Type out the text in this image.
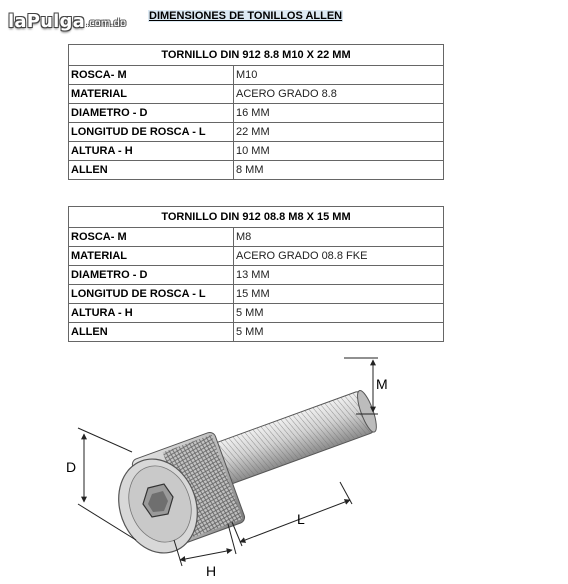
laPulga .com.do
DIMENSIONES DE TONILLOS ALLEN
TORNILLO DIN 912 8.8 M10 X 22 MM	
ROSCA- M	M10
MATERIAL	ACERO GRADO 8.8
DIAMETRO - D	16 MM
LONGITUD DE ROSCA - L	22 MM
ALTURA - H	10 MM
ALLEN	8 MM
TORNILLO DIN 912 08.8 M8 X 15 MM	
ROSCA- M	M8
MATERIAL	ACERO GRADO 08.8 FKE
DIAMETRO - D	13 MM
LONGITUD DE ROSCA - L	15 MM
ALTURA - H	5 MM
ALLEN	5 MM
M
D
L
H
